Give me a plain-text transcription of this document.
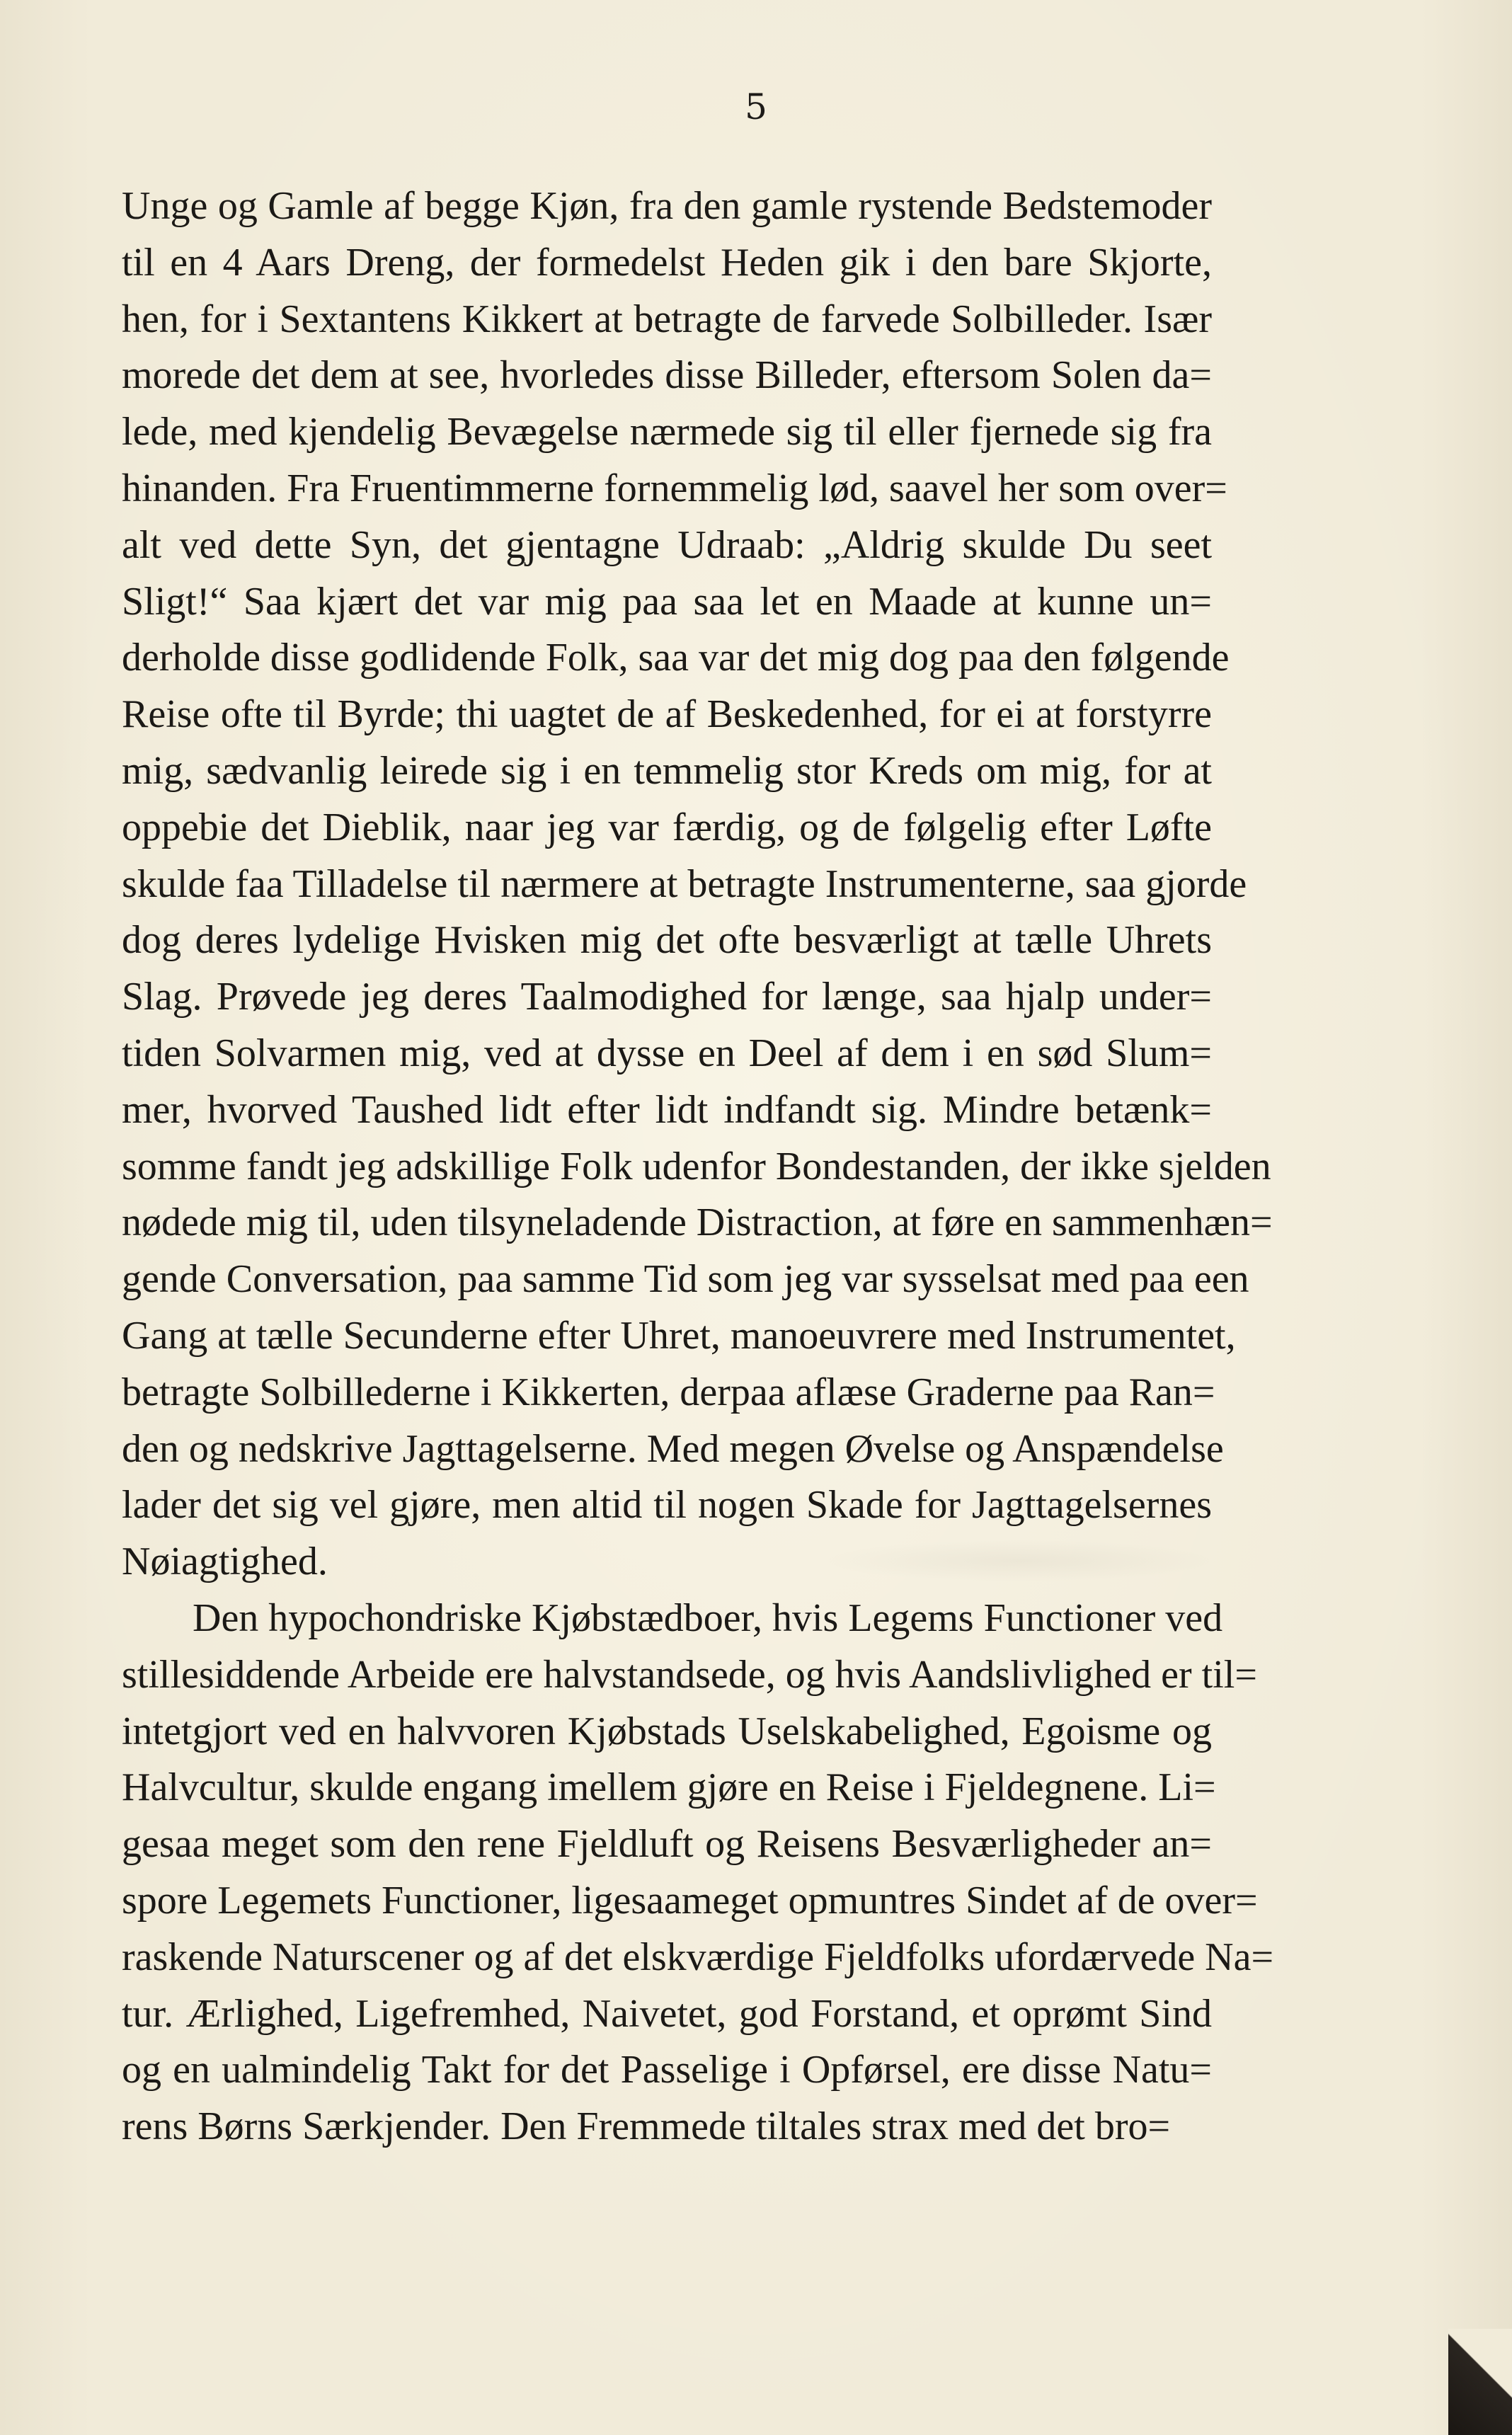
5
Unge og Gamle af begge Kjøn, fra den gamle rystende Bedstemoder
til en 4 Aars Dreng, der formedelst Heden gik i den bare Skjorte,
hen, for i Sextantens Kikkert at betragte de farvede Solbilleder. Især
morede det dem at see, hvorledes disse Billeder, eftersom Solen da=
lede, med kjendelig Bevægelse nærmede sig til eller fjernede sig fra
hinanden. Fra Fruentimmerne fornemmelig lød, saavel her som over=
alt ved dette Syn, det gjentagne Udraab: „Aldrig skulde Du seet
Sligt!“ Saa kjært det var mig paa saa let en Maade at kunne un=
derholde disse godlidende Folk, saa var det mig dog paa den følgende
Reise ofte til Byrde; thi uagtet de af Beskedenhed, for ei at forstyrre
mig, sædvanlig leirede sig i en temmelig stor Kreds om mig, for at
oppebie det Dieblik, naar jeg var færdig, og de følgelig efter Løfte
skulde faa Tilladelse til nærmere at betragte Instrumenterne, saa gjorde
dog deres lydelige Hvisken mig det ofte besværligt at tælle Uhrets
Slag. Prøvede jeg deres Taalmodighed for længe, saa hjalp under=
tiden Solvarmen mig, ved at dysse en Deel af dem i en sød Slum=
mer, hvorved Taushed lidt efter lidt indfandt sig. Mindre betænk=
somme fandt jeg adskillige Folk udenfor Bondestanden, der ikke sjelden
nødede mig til, uden tilsyneladende Distraction, at føre en sammenhæn=
gende Conversation, paa samme Tid som jeg var sysselsat med paa een
Gang at tælle Secunderne efter Uhret, manoeuvrere med Instrumentet,
betragte Solbillederne i Kikkerten, derpaa aflæse Graderne paa Ran=
den og nedskrive Jagttagelserne. Med megen Øvelse og Anspændelse
lader det sig vel gjøre, men altid til nogen Skade for Jagttagelsernes
Nøiagtighed.
Den hypochondriske Kjøbstædboer, hvis Legems Functioner ved
stillesiddende Arbeide ere halvstandsede, og hvis Aandslivlighed er til=
intetgjort ved en halvvoren Kjøbstads Uselskabelighed, Egoisme og
Halvcultur, skulde engang imellem gjøre en Reise i Fjeldegnene. Li=
gesaa meget som den rene Fjeldluft og Reisens Besværligheder an=
spore Legemets Functioner, ligesaameget opmuntres Sindet af de over=
raskende Naturscener og af det elskværdige Fjeldfolks ufordærvede Na=
tur. Ærlighed, Ligefremhed, Naivetet, god Forstand, et oprømt Sind
og en ualmindelig Takt for det Passelige i Opførsel, ere disse Natu=
rens Børns Særkjender. Den Fremmede tiltales strax med det bro=
